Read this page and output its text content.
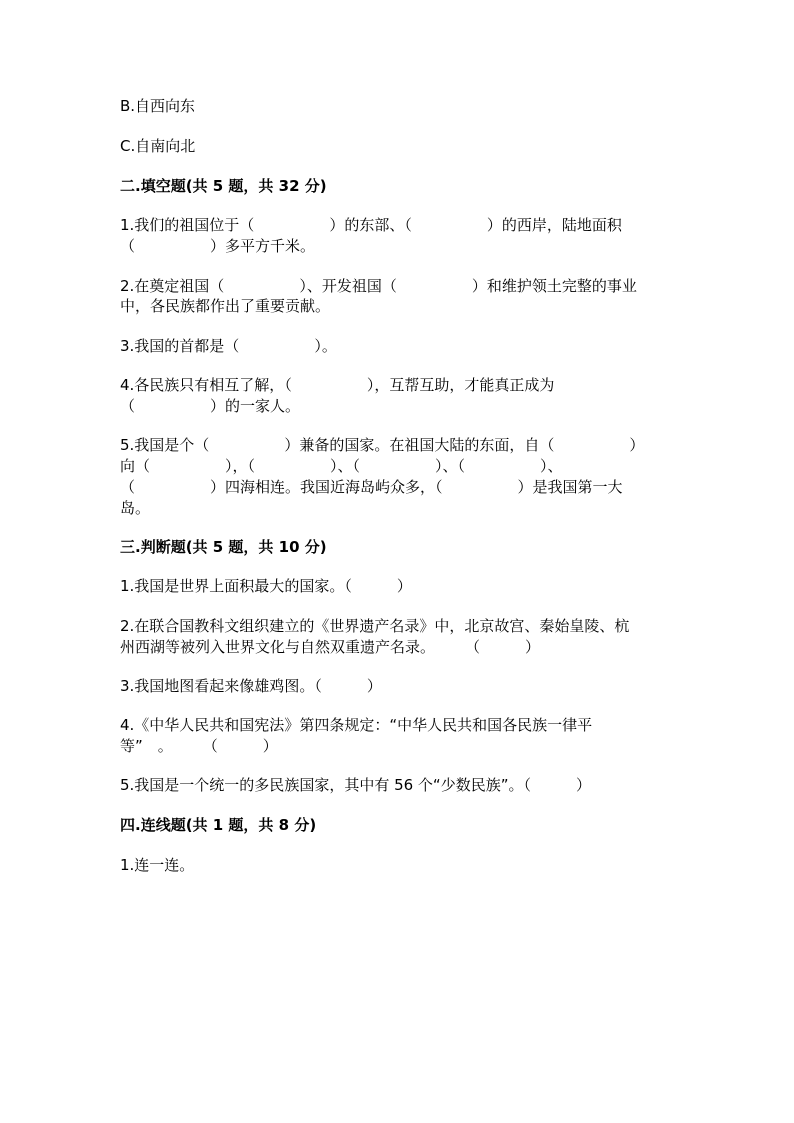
B.自西向东
C.自南向北
二.填空题(共 5 题，共 32 分)
1.我们的祖国位于（　　　　　）的东部、（　　　　　）的西岸，陆地面积
（　　　　　）多平方千米。
2.在奠定祖国（　　　　　）、开发祖国（　　　　　）和维护领土完整的事业
中，各民族都作出了重要贡献。
3.我国的首都是（　　　　　）。
4.各民族只有相互了解，（　　　　　），互帮互助，才能真正成为
（　　　　　）的一家人。
5.我国是个（　　　　　）兼备的国家。在祖国大陆的东面，自（　　　　　）
向（　　　　　），（　　　　　）、（　　　　　）、（　　　　　）、
（　　　　　）四海相连。我国近海岛屿众多，（　　　　　）是我国第一大
岛。
三.判断题(共 5 题，共 10 分)
1.我国是世界上面积最大的国家。（　　　）
2.在联合国教科文组织建立的《世界遗产名录》中，北京故宫、秦始皇陵、杭
州西湖等被列入世界文化与自然双重遗产名录。　　　（　　　）
3.我国地图看起来像雄鸡图。（　　　）
4.《中华人民共和国宪法》第四条规定：“中华人民共和国各民族一律平
等”　。　　　（　　　）
5.我国是一个统一的多民族国家，其中有 56 个“少数民族”。（　　　）
四.连线题(共 1 题，共 8 分)
1.连一连。
